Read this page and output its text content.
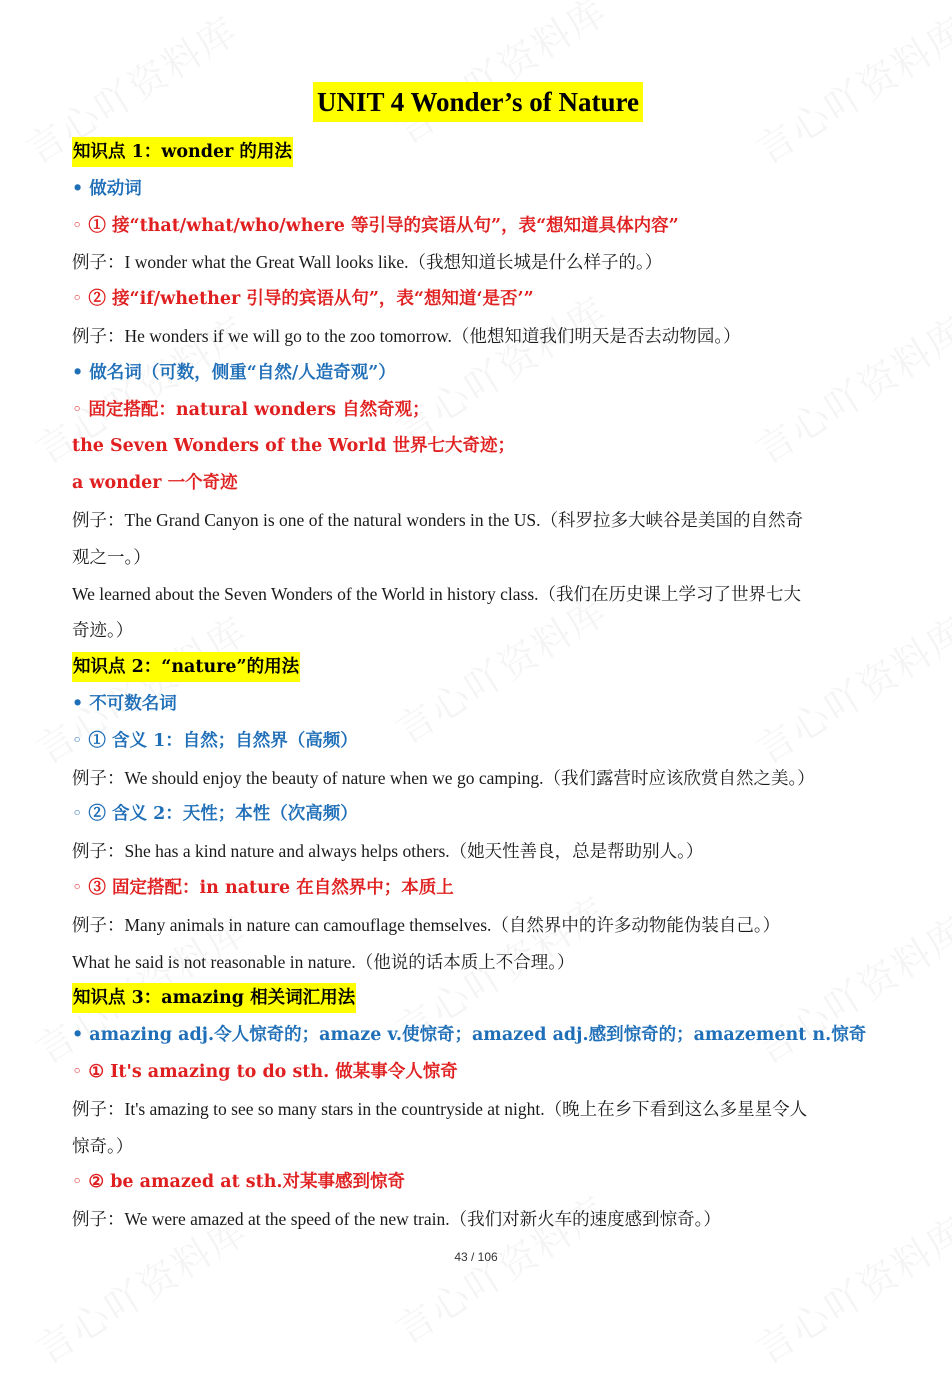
UNIT 4 Wonder’s of Nature
知识点 1：wonder 的用法
• 做动词
◦ ① 接“that/what/who/where 等引导的宾语从句”，表“想知道具体内容”
例子：I wonder what the Great Wall looks like.（我想知道长城是什么样子的。）
◦ ② 接“if/whether 引导的宾语从句”，表“想知道‘是否’”
例子：He wonders if we will go to the zoo tomorrow.（他想知道我们明天是否去动物园。）
• 做名词（可数，侧重“自然/人造奇观”）
◦ 固定搭配：natural wonders 自然奇观；
the Seven Wonders of the World 世界七大奇迹；
a wonder 一个奇迹
例子：The Grand Canyon is one of the natural wonders in the US.（科罗拉多大峡谷是美国的自然奇
观之一。）
We learned about the Seven Wonders of the World in history class.（我们在历史课上学习了世界七大
奇迹。）
知识点 2：“nature”的用法
• 不可数名词
◦ ① 含义 1：自然；自然界（高频）
例子：We should enjoy the beauty of nature when we go camping.（我们露营时应该欣赏自然之美。）
◦ ② 含义 2：天性；本性（次高频）
例子：She has a kind nature and always helps others.（她天性善良，总是帮助别人。）
◦ ③ 固定搭配：in nature 在自然界中；本质上
例子：Many animals in nature can camouflage themselves.（自然界中的许多动物能伪装自己。）
What he said is not reasonable in nature.（他说的话本质上不合理。）
知识点 3：amazing 相关词汇用法
• amazing adj.令人惊奇的；amaze v.使惊奇；amazed adj.感到惊奇的；amazement n.惊奇
◦ ① It's amazing to do sth. 做某事令人惊奇
例子：It's amazing to see so many stars in the countryside at night.（晚上在乡下看到这么多星星令人
惊奇。）
◦ ② be amazed at sth.对某事感到惊奇
例子：We were amazed at the speed of the new train.（我们对新火车的速度感到惊奇。）
43 / 106
